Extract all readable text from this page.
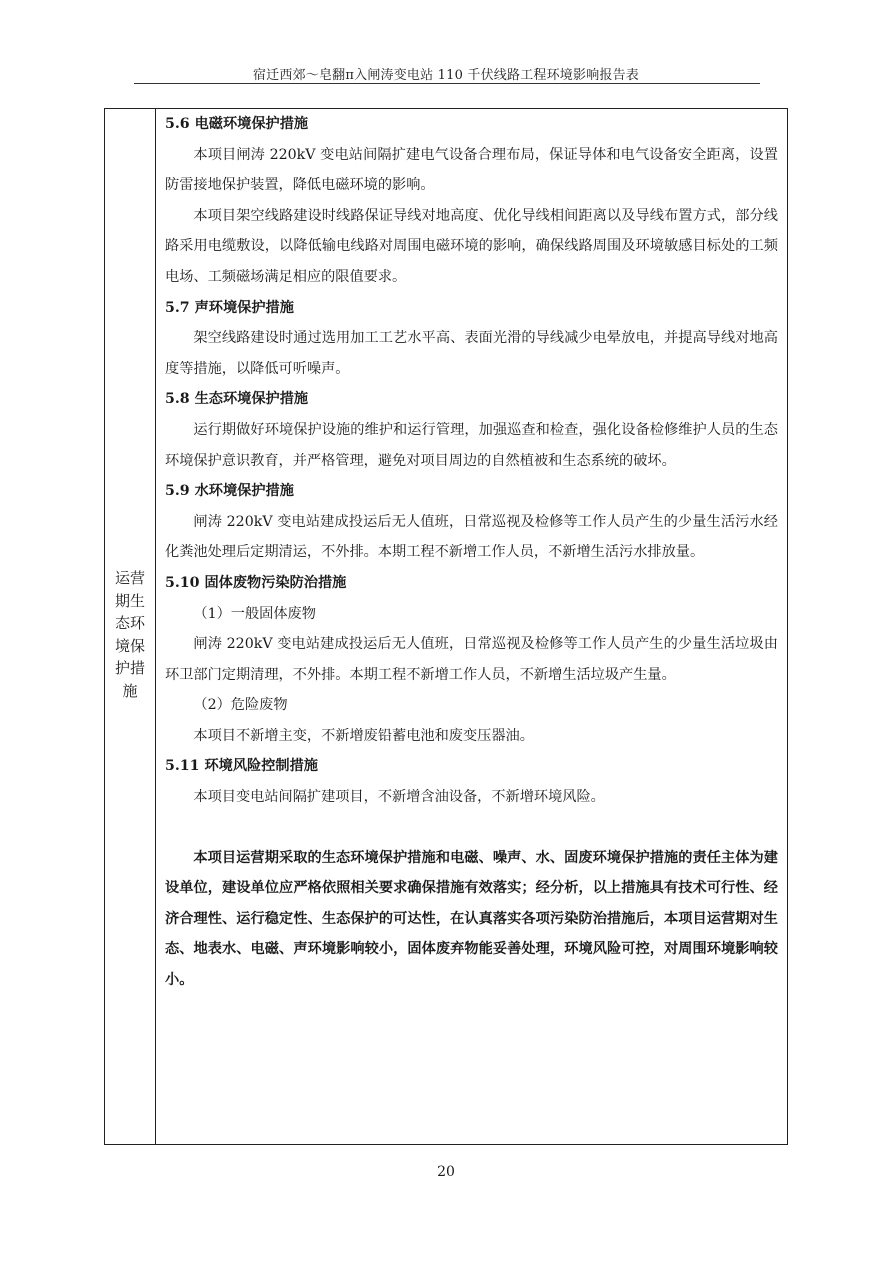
宿迁西郊～皂翻π入闸涛变电站 110 千伏线路工程环境影响报告表
运营期生态环境保护措施

5.6 电磁环境保护措施

本项目闸涛 220kV 变电站间隔扩建电气设备合理布局，保证导体和电气设备安全距离，设置防雷接地保护装置，降低电磁环境的影响。

本项目架空线路建设时线路保证导线对地高度、优化导线相间距离以及导线布置方式，部分线路采用电缆敷设，以降低输电线路对周围电磁环境的影响，确保线路周围及环境敏感目标处的工频电场、工频磁场满足相应的限值要求。

5.7 声环境保护措施

架空线路建设时通过选用加工工艺水平高、表面光滑的导线减少电晕放电，并提高导线对地高度等措施，以降低可听噪声。

5.8 生态环境保护措施

运行期做好环境保护设施的维护和运行管理，加强巡查和检查，强化设备检修维护人员的生态环境保护意识教育，并严格管理，避免对项目周边的自然植被和生态系统的破坏。

5.9 水环境保护措施

闸涛 220kV 变电站建成投运后无人值班，日常巡视及检修等工作人员产生的少量生活污水经化粪池处理后定期清运，不外排。本期工程不新增工作人员，不新增生活污水排放量。

5.10 固体废物污染防治措施

（1）一般固体废物

闸涛 220kV 变电站建成投运后无人值班，日常巡视及检修等工作人员产生的少量生活垃圾由环卫部门定期清理，不外排。本期工程不新增工作人员，不新增生活垃圾产生量。

（2）危险废物

本项目不新增主变，不新增废铅蓄电池和废变压器油。

5.11 环境风险控制措施

本项目变电站间隔扩建项目，不新增含油设备，不新增环境风险。

本项目运营期采取的生态环境保护措施和电磁、噪声、水、固废环境保护措施的责任主体为建设单位，建设单位应严格依照相关要求确保措施有效落实；经分析，以上措施具有技术可行性、经济合理性、运行稳定性、生态保护的可达性，在认真落实各项污染防治措施后，本项目运营期对生态、地表水、电磁、声环境影响较小，固体废弃物能妥善处理，环境风险可控，对周围环境影响较小。

20
